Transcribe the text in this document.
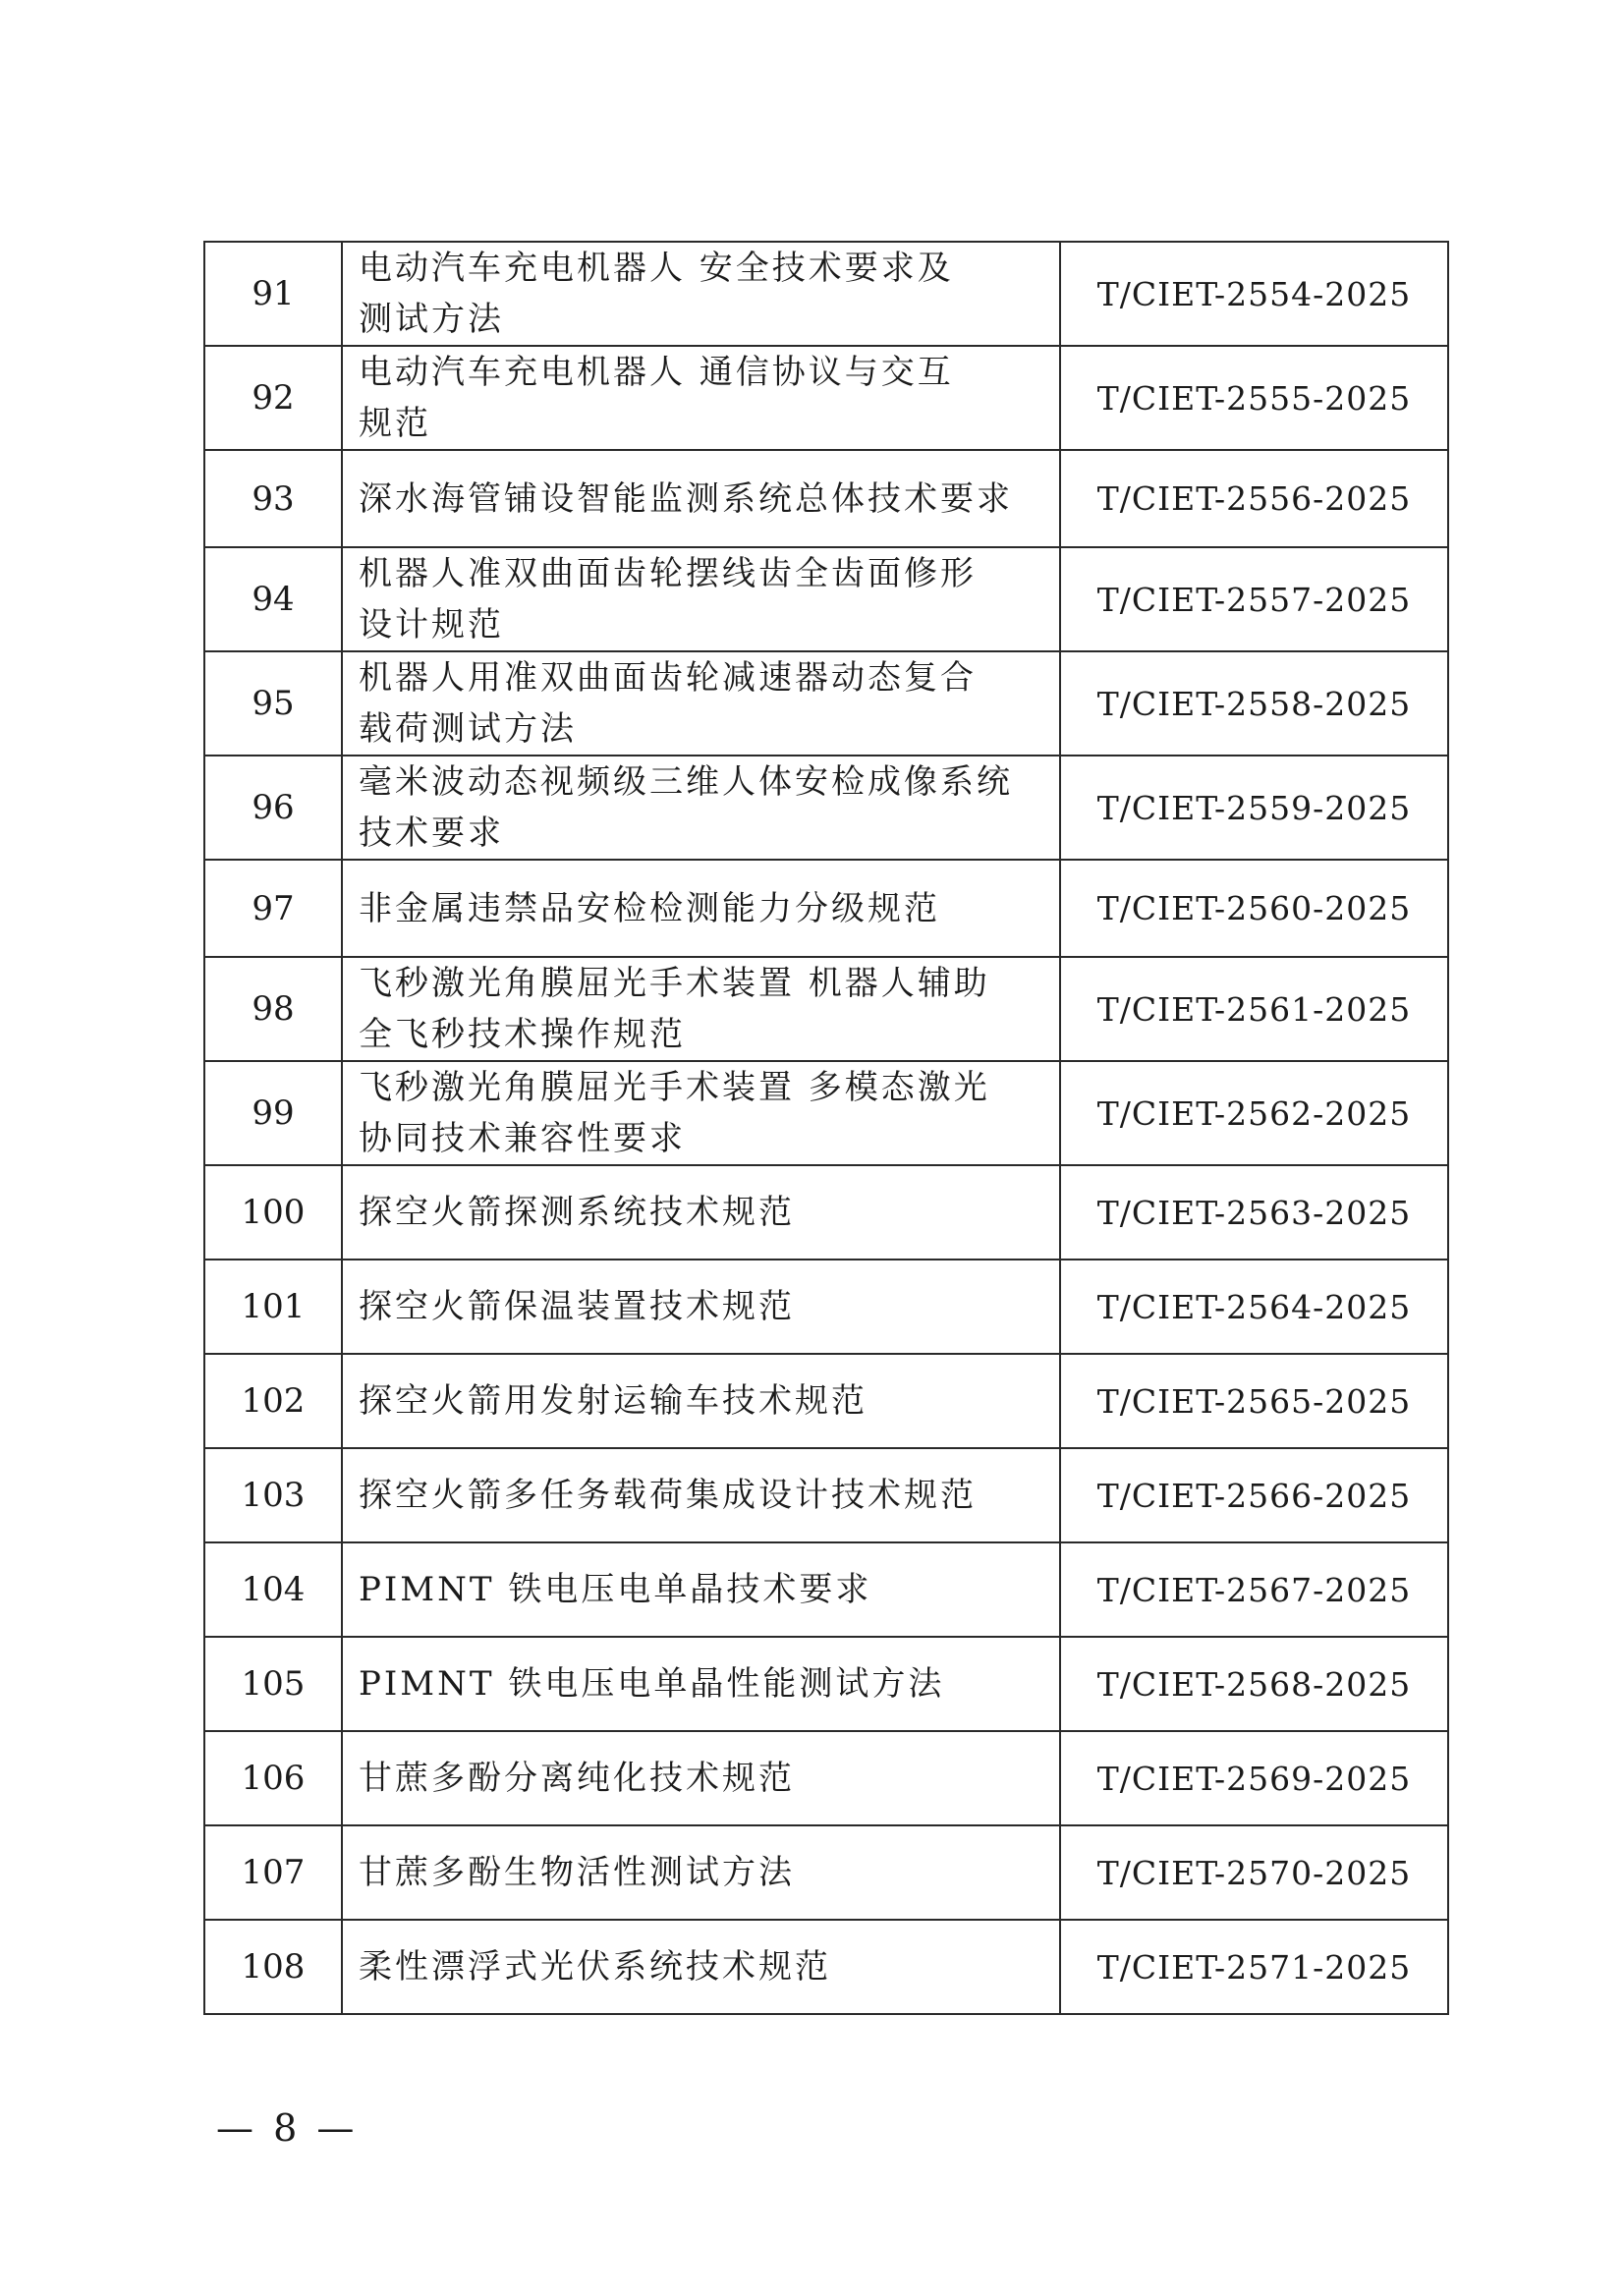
91	电动汽车充电机器人 安全技术要求及
测试方法	T/CIET-2554-2025
92	电动汽车充电机器人 通信协议与交互
规范	T/CIET-2555-2025
93	深水海管铺设智能监测系统总体技术要求	T/CIET-2556-2025
94	机器人准双曲面齿轮摆线齿全齿面修形
设计规范	T/CIET-2557-2025
95	机器人用准双曲面齿轮减速器动态复合
载荷测试方法	T/CIET-2558-2025
96	毫米波动态视频级三维人体安检成像系统
技术要求	T/CIET-2559-2025
97	非金属违禁品安检检测能力分级规范	T/CIET-2560-2025
98	飞秒激光角膜屈光手术装置 机器人辅助
全飞秒技术操作规范	T/CIET-2561-2025
99	飞秒激光角膜屈光手术装置 多模态激光
协同技术兼容性要求	T/CIET-2562-2025
100	探空火箭探测系统技术规范	T/CIET-2563-2025
101	探空火箭保温装置技术规范	T/CIET-2564-2025
102	探空火箭用发射运输车技术规范	T/CIET-2565-2025
103	探空火箭多任务载荷集成设计技术规范	T/CIET-2566-2025
104	PIMNT 铁电压电单晶技术要求	T/CIET-2567-2025
105	PIMNT 铁电压电单晶性能测试方法	T/CIET-2568-2025
106	甘蔗多酚分离纯化技术规范	T/CIET-2569-2025
107	甘蔗多酚生物活性测试方法	T/CIET-2570-2025
108	柔性漂浮式光伏系统技术规范	T/CIET-2571-2025
— 8 —
